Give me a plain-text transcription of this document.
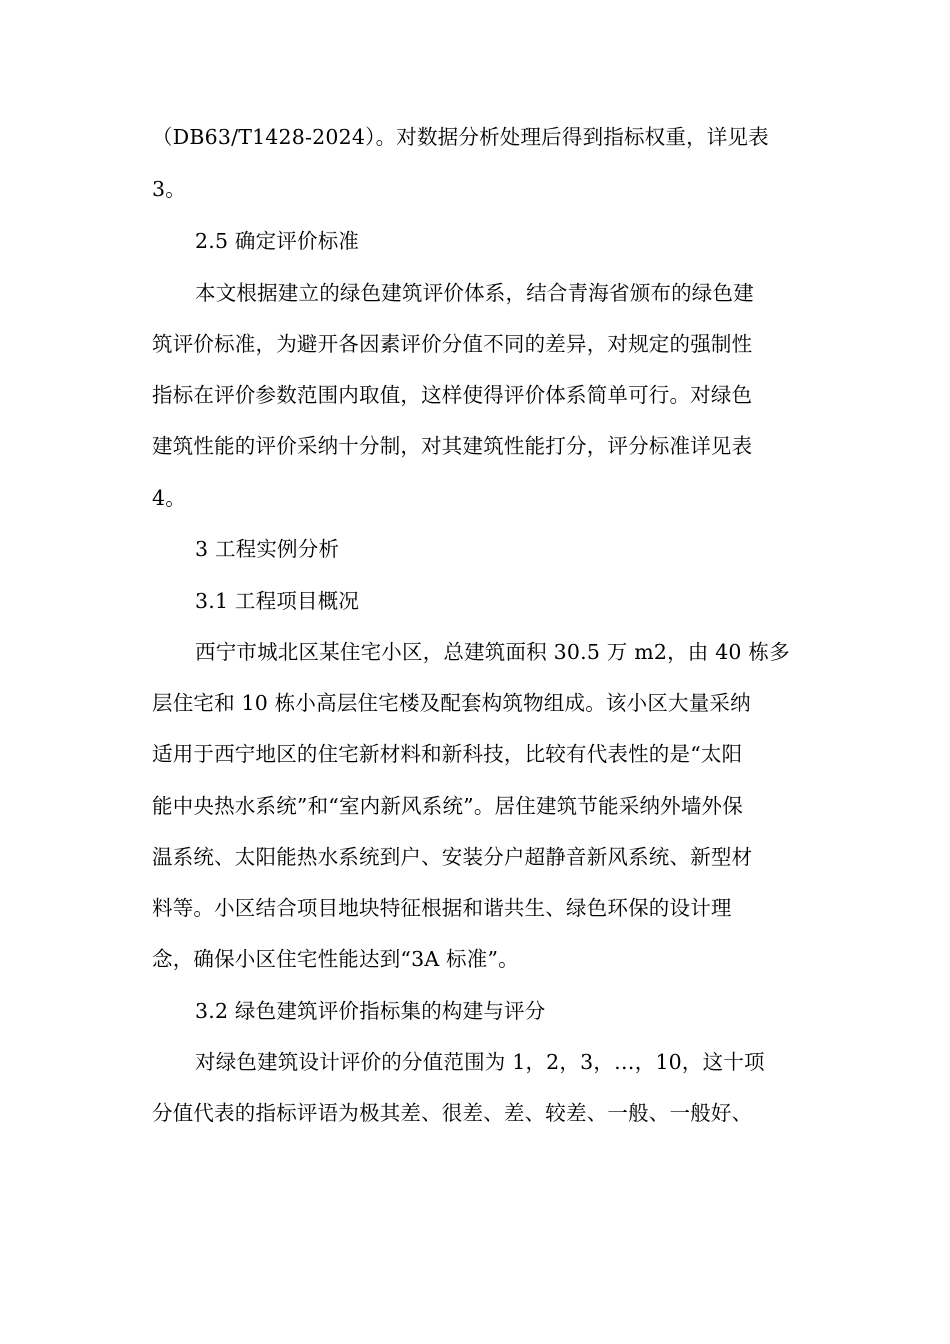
（DB63/T1428-2024）。对数据分析处理后得到指标权重，详见表
3。
2.5 确定评价标准
本文根据建立的绿色建筑评价体系，结合青海省颁布的绿色建
筑评价标准，为避开各因素评价分值不同的差异，对规定的强制性
指标在评价参数范围内取值，这样使得评价体系简单可行。对绿色
建筑性能的评价采纳十分制，对其建筑性能打分，评分标准详见表
4。
3 工程实例分析
3.1 工程项目概况
西宁市城北区某住宅小区，总建筑面积 30.5 万 m2，由 40 栋多
层住宅和 10 栋小高层住宅楼及配套构筑物组成。该小区大量采纳
适用于西宁地区的住宅新材料和新科技，比较有代表性的是“太阳
能中央热水系统”和“室内新风系统”。居住建筑节能采纳外墙外保
温系统、太阳能热水系统到户、安装分户超静音新风系统、新型材
料等。小区结合项目地块特征根据和谐共生、绿色环保的设计理
念，确保小区住宅性能达到“3A 标准”。
3.2 绿色建筑评价指标集的构建与评分
对绿色建筑设计评价的分值范围为 1，2，3，…，10，这十项
分值代表的指标评语为极其差、很差、差、较差、一般、一般好、
